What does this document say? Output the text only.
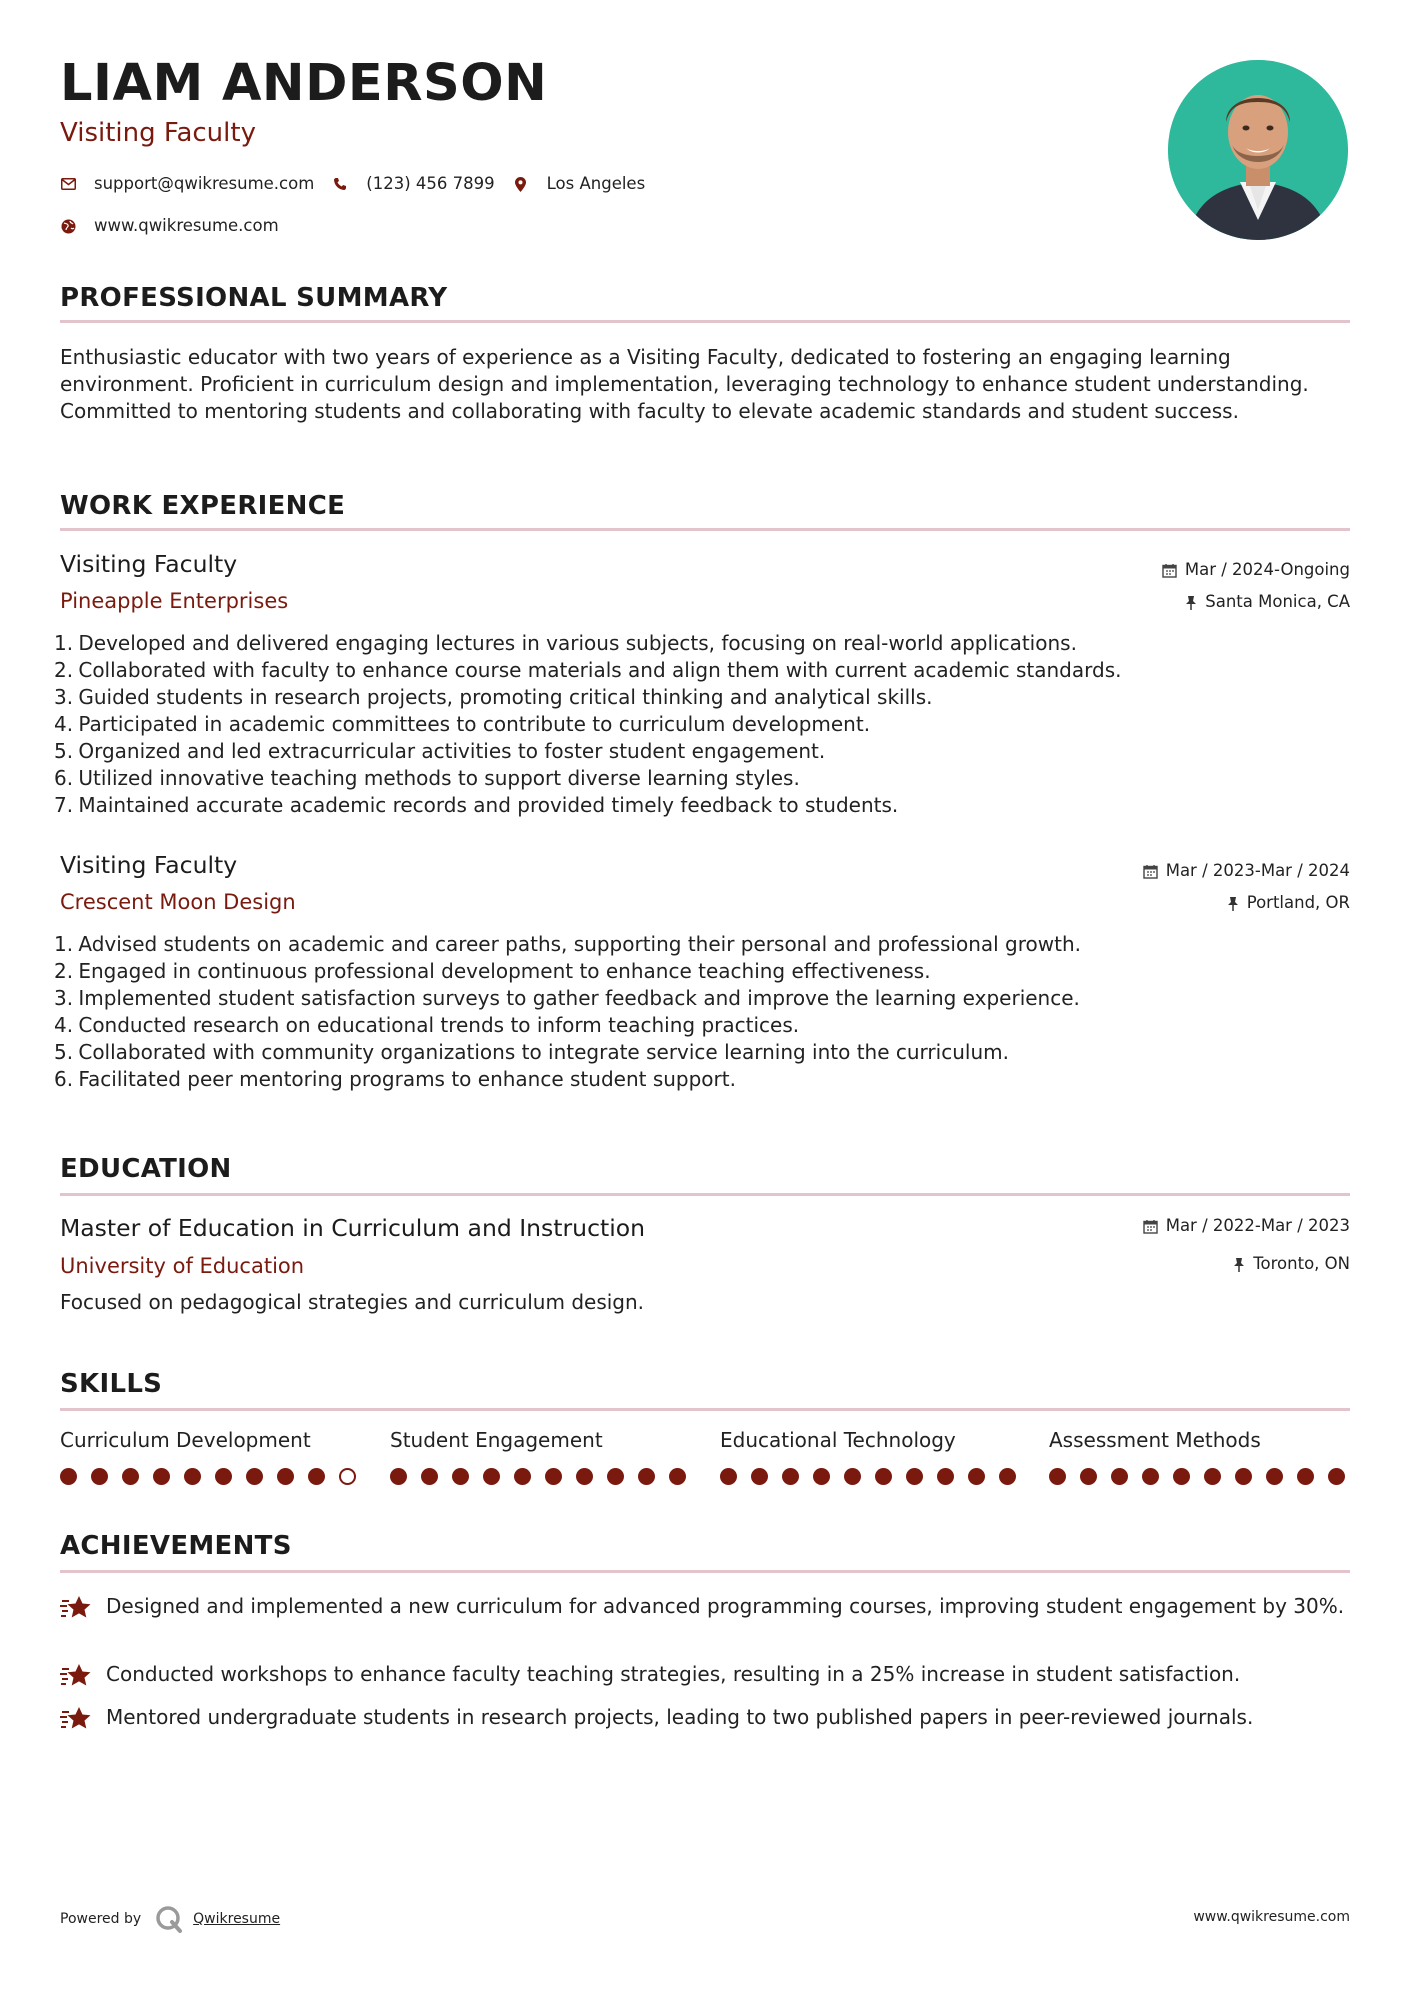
LIAM ANDERSON
Visiting Faculty
support@qwikresume.com	(123) 456 7899	Los Angeles
www.qwikresume.com
PROFESSIONAL SUMMARY
Enthusiastic educator with two years of experience as a Visiting Faculty, dedicated to fostering an engaging learning environment. Proficient in curriculum design and implementation, leveraging technology to enhance student understanding. Committed to mentoring students and collaborating with faculty to elevate academic standards and student success.
WORK EXPERIENCE
Visiting Faculty	Mar / 2024-Ongoing
Pineapple Enterprises	Santa Monica, CA
1.
Developed and delivered engaging lectures in various subjects, focusing on real-world applications.
2.
Collaborated with faculty to enhance course materials and align them with current academic standards.
3.
Guided students in research projects, promoting critical thinking and analytical skills.
4.
Participated in academic committees to contribute to curriculum development.
5.
Organized and led extracurricular activities to foster student engagement.
6.
Utilized innovative teaching methods to support diverse learning styles.
7.
Maintained accurate academic records and provided timely feedback to students.
Visiting Faculty	Mar / 2023-Mar / 2024
Crescent Moon Design	Portland, OR
1.
Advised students on academic and career paths, supporting their personal and professional growth.
2.
Engaged in continuous professional development to enhance teaching effectiveness.
3.
Implemented student satisfaction surveys to gather feedback and improve the learning experience.
4.
Conducted research on educational trends to inform teaching practices.
5.
Collaborated with community organizations to integrate service learning into the curriculum.
6.
Facilitated peer mentoring programs to enhance student support.
EDUCATION
Master of Education in Curriculum and Instruction	Mar / 2022-Mar / 2023
University of Education	Toronto, ON
Focused on pedagogical strategies and curriculum design.
SKILLS
Curriculum Development	Student Engagement	Educational Technology	Assessment Methods
ACHIEVEMENTS
Designed and implemented a new curriculum for advanced programming courses, improving student engagement by 30%.
Conducted workshops to enhance faculty teaching strategies, resulting in a 25% increase in student satisfaction.
Mentored undergraduate students in research projects, leading to two published papers in peer-reviewed journals.
Powered by	Qwikresume	www.qwikresume.com
